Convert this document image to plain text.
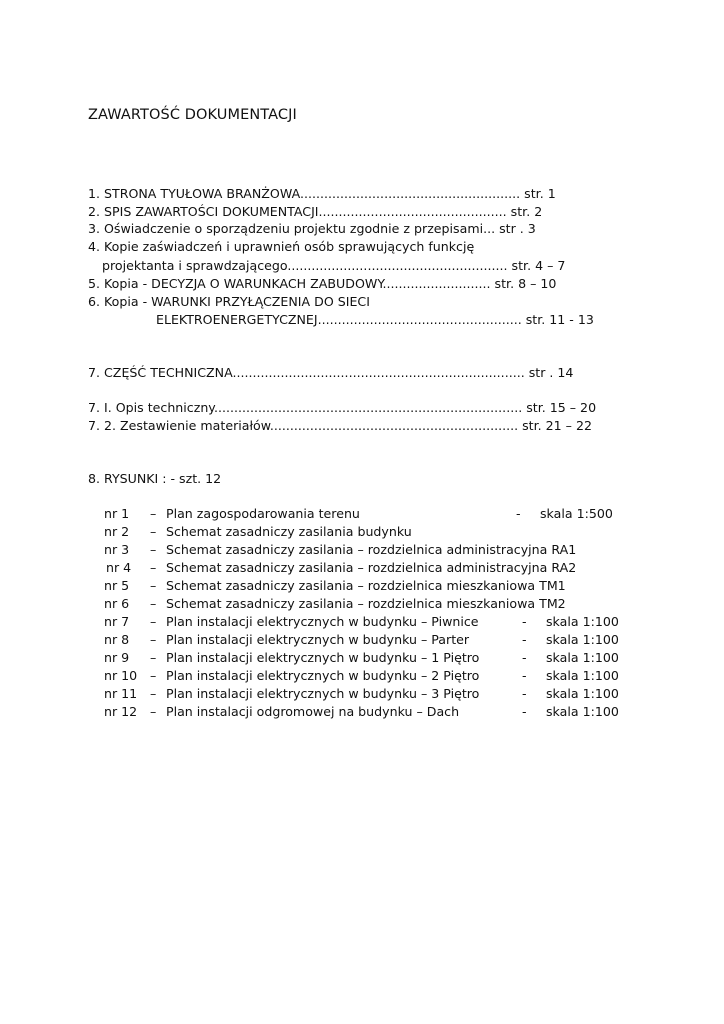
ZAWARTOŚĆ DOKUMENTACJI
1. STRONA TYUŁOWA BRANŻOWA....................................................... str. 1
2. SPIS ZAWARTOŚCI DOKUMENTACJI............................................... str. 2
3. Oświadczenie o sporządzeniu projektu zgodnie z przepisami... str . 3
4. Kopie zaświadczeń i uprawnień osób sprawujących funkcję
projektanta i sprawdzającego....................................................... str. 4 – 7
5. Kopia - DECYZJA O WARUNKACH ZABUDOWY........................... str. 8 – 10
6. Kopia - WARUNKI PRZYŁĄCZENIA DO SIECI
ELEKTROENERGETYCZNEJ................................................... str. 11 - 13
7. CZĘŚĆ TECHNICZNA......................................................................... str . 14
7. I. Opis techniczny............................................................................. str. 15 – 20
7. 2. Zestawienie materiałów.............................................................. str. 21 – 22
8. RYSUNKI : - szt. 12
nr 1 – Plan zagospodarowania terenu	- skala 1:500
nr 2 – Schemat zasadniczy zasilania budynku
nr 3 – Schemat zasadniczy zasilania – rozdzielnica administracyjna RA1
nr 4 – Schemat zasadniczy zasilania – rozdzielnica administracyjna RA2
nr 5 – Schemat zasadniczy zasilania – rozdzielnica mieszkaniowa TM1
nr 6 – Schemat zasadniczy zasilania – rozdzielnica mieszkaniowa TM2
nr 7 – Plan instalacji elektrycznych w budynku – Piwnice	- skala 1:100
nr 8 – Plan instalacji elektrycznych w budynku – Parter	- skala 1:100
nr 9 – Plan instalacji elektrycznych w budynku – 1 Piętro	- skala 1:100
nr 10 – Plan instalacji elektrycznych w budynku – 2 Piętro	- skala 1:100
nr 11 – Plan instalacji elektrycznych w budynku – 3 Piętro	- skala 1:100
nr 12 – Plan instalacji odgromowej na budynku – Dach	- skala 1:100
